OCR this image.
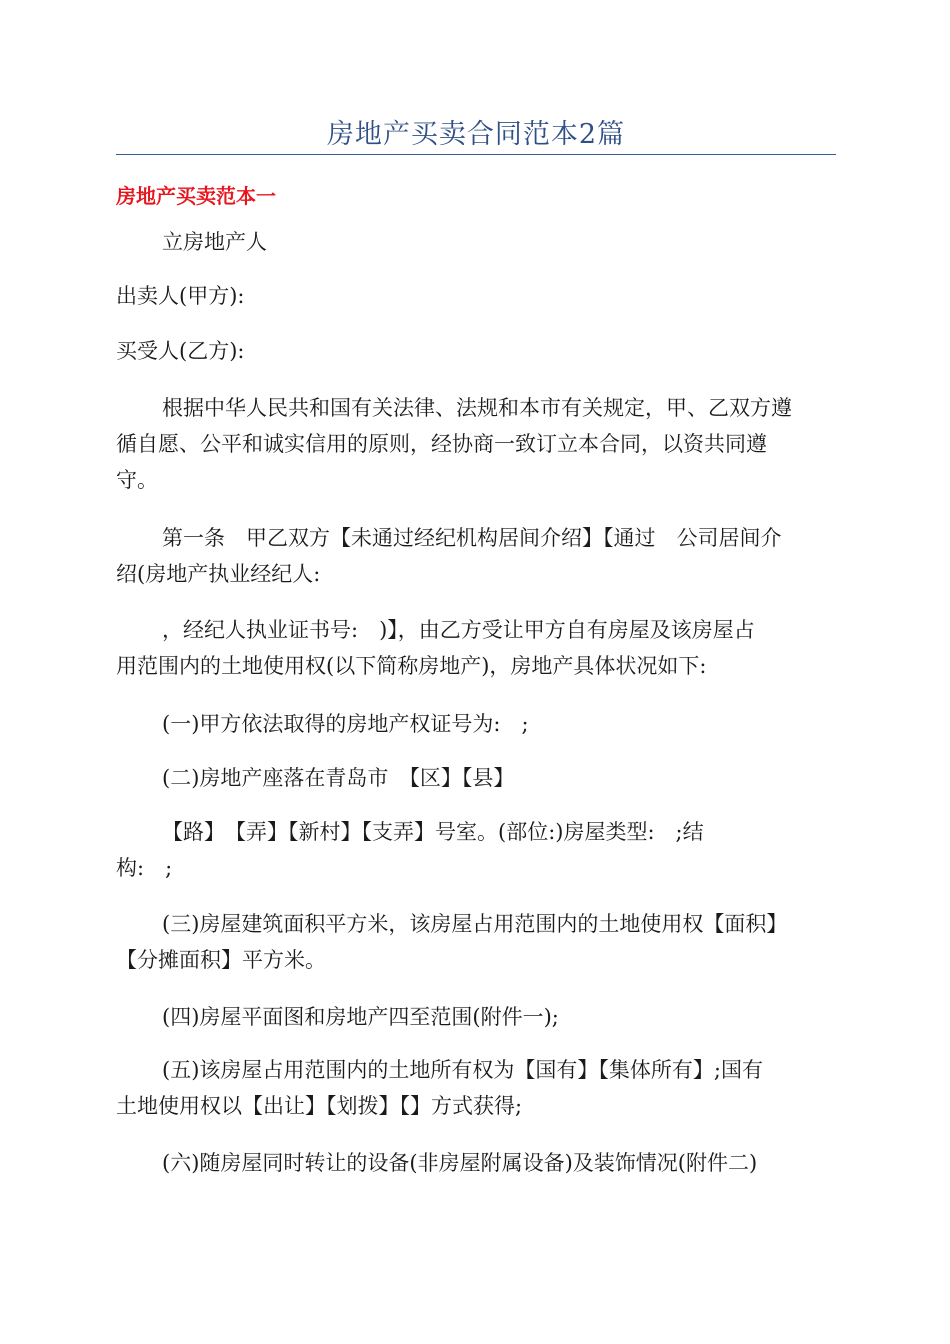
房地产买卖合同范本2篇
房地产买卖范本一

立房地产人

出卖人(甲方):

买受人(乙方):

根据中华人民共和国有关法律、法规和本市有关规定，甲、乙双方遵
循自愿、公平和诚实信用的原则，经协商一致订立本合同，以资共同遵
守。

第一条　甲乙双方【未通过经纪机构居间介绍】【通过　公司居间介
绍(房地产执业经纪人:

，经纪人执业证书号:　)】，由乙方受让甲方自有房屋及该房屋占
用范围内的土地使用权(以下简称房地产)，房地产具体状况如下:

(一)甲方依法取得的房地产权证号为:　;

(二)房地产座落在青岛市　【区】【县】

【路】　【弄】【新村】【支弄】号室。(部位:)房屋类型:　;结
构:　;

(三)房屋建筑面积平方米，该房屋占用范围内的土地使用权【面积】
【分摊面积】平方米。

(四)房屋平面图和房地产四至范围(附件一);

(五)该房屋占用范围内的土地所有权为【国有】【集体所有】;国有
土地使用权以【出让】【划拨】【】方式获得;

(六)随房屋同时转让的设备(非房屋附属设备)及装饰情况(附件二)
